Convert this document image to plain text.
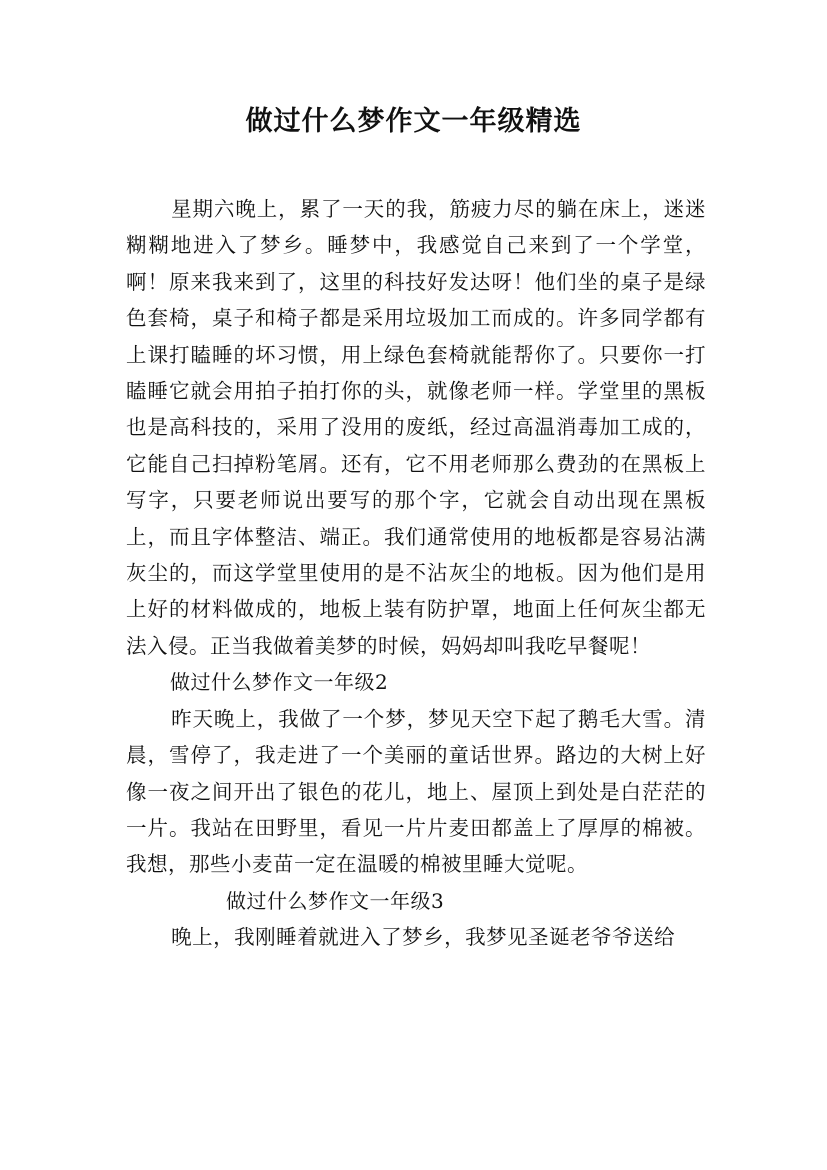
做过什么梦作文一年级精选

星期六晚上，累了一天的我，筋疲力尽的躺在床上，迷迷糊糊地进入了梦乡。睡梦中，我感觉自己来到了一个学堂，啊！原来我来到了，这里的科技好发达呀！他们坐的桌子是绿色套椅，桌子和椅子都是采用垃圾加工而成的。许多同学都有上课打瞌睡的坏习惯，用上绿色套椅就能帮你了。只要你一打瞌睡它就会用拍子拍打你的头，就像老师一样。学堂里的黑板也是高科技的，采用了没用的废纸，经过高温消毒加工成的，它能自己扫掉粉笔屑。还有，它不用老师那么费劲的在黑板上写字，只要老师说出要写的那个字，它就会自动出现在黑板上，而且字体整洁、端正。我们通常使用的地板都是容易沾满灰尘的，而这学堂里使用的是不沾灰尘的地板。因为他们是用上好的材料做成的，地板上装有防护罩，地面上任何灰尘都无法入侵。正当我做着美梦的时候，妈妈却叫我吃早餐呢！

做过什么梦作文一年级2

昨天晚上，我做了一个梦，梦见天空下起了鹅毛大雪。清晨，雪停了，我走进了一个美丽的童话世界。路边的大树上好像一夜之间开出了银色的花儿，地上、屋顶上到处是白茫茫的一片。我站在田野里，看见一片片麦田都盖上了厚厚的棉被。我想，那些小麦苗一定在温暖的棉被里睡大觉呢。

做过什么梦作文一年级3

晚上，我刚睡着就进入了梦乡，我梦见圣诞老爷爷送给
